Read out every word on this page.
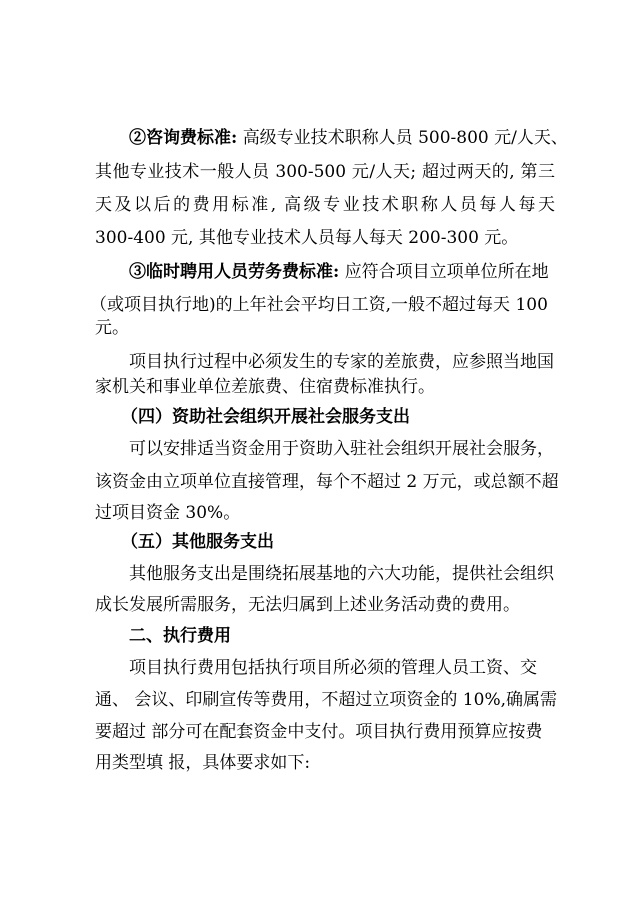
②咨询费标准: 高级专业技术职称人员 500-800 元/人天、
其他专业技术一般人员 300-500 元/人天; 超过两天的, 第三
天及以后的费用标准, 高级专业技术职称人员每人每天
300-400 元, 其他专业技术人员每人每天 200-300 元。
③临时聘用人员劳务费标准: 应符合项目立项单位所在地
（或项目执行地)的上年社会平均日工资,一般不超过每天 100
元。
项目执行过程中必须发生的专家的差旅费，应参照当地国
家机关和事业单位差旅费、住宿费标准执行。
（四）资助社会组织开展社会服务支出
可以安排适当资金用于资助入驻社会组织开展社会服务，
该资金由立项单位直接管理，每个不超过 2 万元，或总额不超
过项目资金 30%。
（五）其他服务支出
其他服务支出是围绕拓展基地的六大功能，提供社会组织
成长发展所需服务，无法归属到上述业务活动费的费用。
二、执行费用
项目执行费用包括执行项目所必须的管理人员工资、交
通、 会议、印刷宣传等费用，不超过立项资金的 10%,确属需
要超过 部分可在配套资金中支付。项目执行费用预算应按费
用类型填 报，具体要求如下:
